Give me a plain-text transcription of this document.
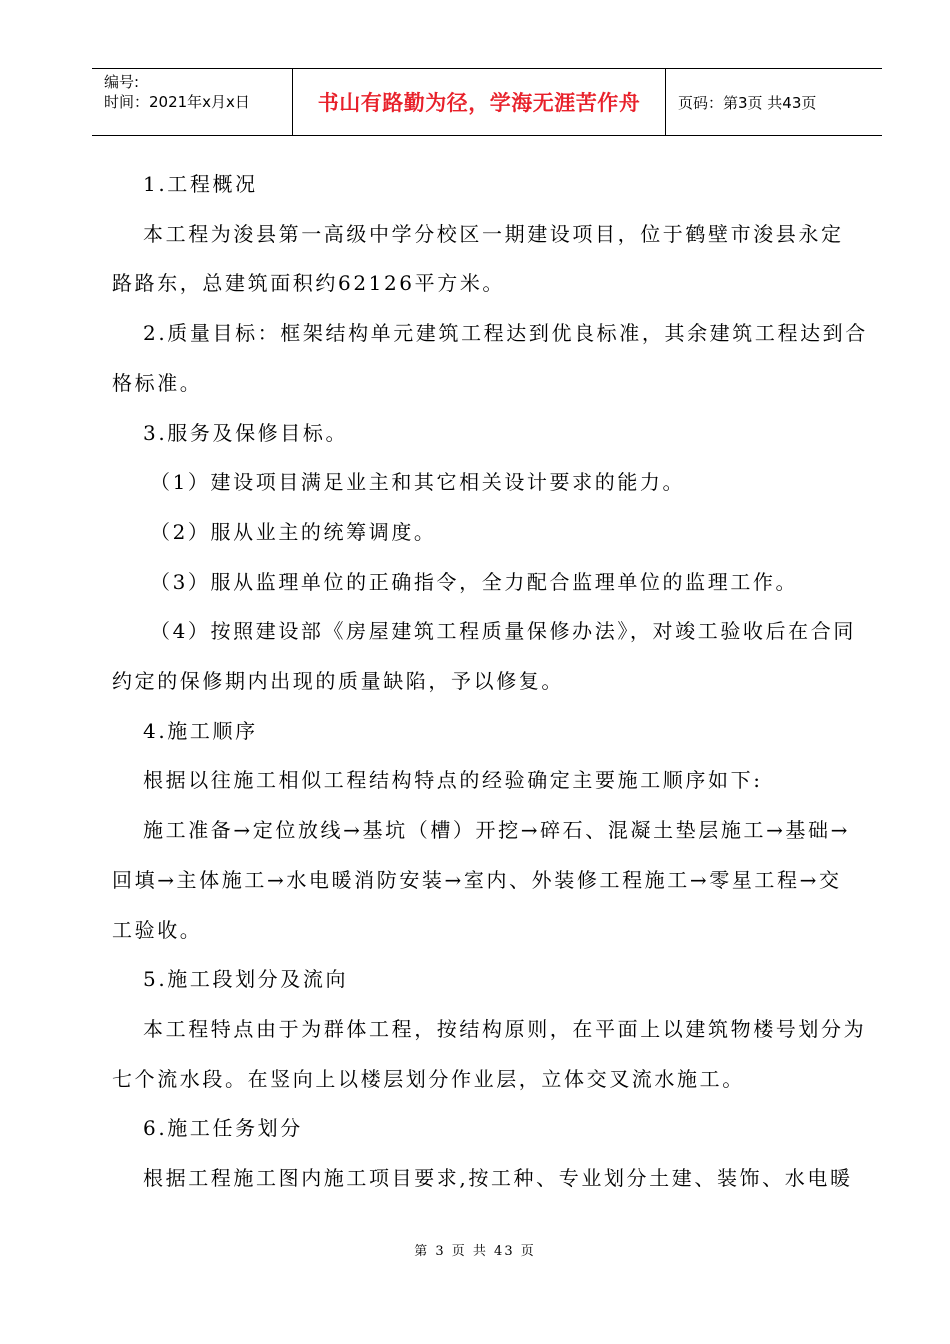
编号:
时间：2021年x月x日	书山有路勤为径，学海无涯苦作舟	页码：第3页 共43页

1.工程概况

本工程为浚县第一高级中学分校区一期建设项目，位于鹤壁市浚县永定

路路东，总建筑面积约62126平方米。

2.质量目标：框架结构单元建筑工程达到优良标准，其余建筑工程达到合

格标准。

3.服务及保修目标。

（1）建设项目满足业主和其它相关设计要求的能力。

（2）服从业主的统筹调度。

（3）服从监理单位的正确指令，全力配合监理单位的监理工作。

（4）按照建设部《房屋建筑工程质量保修办法》，对竣工验收后在合同

约定的保修期内出现的质量缺陷，予以修复。

4.施工顺序

根据以往施工相似工程结构特点的经验确定主要施工顺序如下:

施工准备→定位放线→基坑（槽）开挖→碎石、混凝土垫层施工→基础→

回填→主体施工→水电暖消防安装→室内、外装修工程施工→零星工程→交

工验收。

5.施工段划分及流向

本工程特点由于为群体工程，按结构原则，在平面上以建筑物楼号划分为

七个流水段。在竖向上以楼层划分作业层，立体交叉流水施工。

6.施工任务划分

根据工程施工图内施工项目要求,按工种、专业划分土建、装饰、水电暖

第 3 页 共 43 页
